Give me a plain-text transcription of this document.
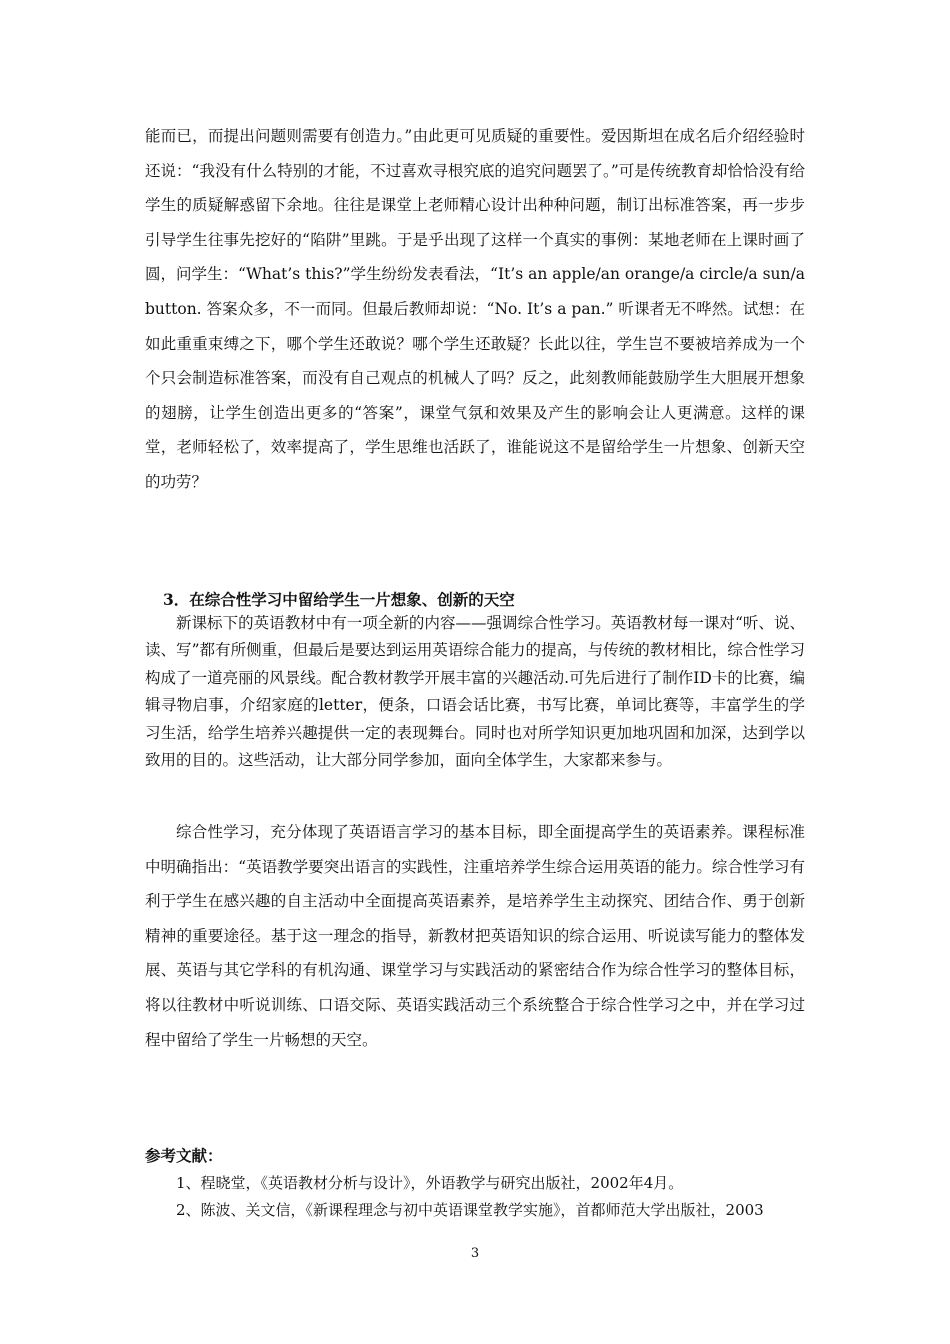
能而已，而提出问题则需要有创造力。”由此更可见质疑的重要性。爱因斯坦在成名后介绍经验时还说：“我没有什么特别的才能，不过喜欢寻根究底的追究问题罢了。”可是传统教育却恰恰没有给学生的质疑解惑留下余地。往往是课堂上老师精心设计出种种问题，制订出标准答案，再一步步引导学生往事先挖好的“陷阱”里跳。于是乎出现了这样一个真实的事例：某地老师在上课时画了圆，问学生：“What’s this?”学生纷纷发表看法，“It’s an apple/an orange/a circle/a sun/a button. 答案众多，不一而同。但最后教师却说：“No. It’s a pan.” 听课者无不哗然。试想：在如此重重束缚之下，哪个学生还敢说？哪个学生还敢疑？长此以往，学生岂不要被培养成为一个个只会制造标准答案，而没有自己观点的机械人了吗？反之，此刻教师能鼓励学生大胆展开想象的翅膀，让学生创造出更多的“答案”，课堂气氛和效果及产生的影响会让人更满意。这样的课堂，老师轻松了，效率提高了，学生思维也活跃了，谁能说这不是留给学生一片想象、创新天空的功劳？

3．在综合性学习中留给学生一片想象、创新的天空

新课标下的英语教材中有一项全新的内容——强调综合性学习。英语教材每一课对“听、说、读、写”都有所侧重，但最后是要达到运用英语综合能力的提高，与传统的教材相比，综合性学习构成了一道亮丽的风景线。配合教材教学开展丰富的兴趣活动.可先后进行了制作ID卡的比赛，编辑寻物启事，介绍家庭的letter，便条，口语会话比赛，书写比赛，单词比赛等，丰富学生的学习生活，给学生培养兴趣提供一定的表现舞台。同时也对所学知识更加地巩固和加深，达到学以致用的目的。这些活动，让大部分同学参加，面向全体学生，大家都来参与。

综合性学习，充分体现了英语语言学习的基本目标，即全面提高学生的英语素养。课程标准中明确指出：“英语教学要突出语言的实践性，注重培养学生综合运用英语的能力。综合性学习有利于学生在感兴趣的自主活动中全面提高英语素养，是培养学生主动探究、团结合作、勇于创新精神的重要途径。基于这一理念的指导，新教材把英语知识的综合运用、听说读写能力的整体发展、英语与其它学科的有机沟通、课堂学习与实践活动的紧密结合作为综合性学习的整体目标，将以往教材中听说训练、口语交际、英语实践活动三个系统整合于综合性学习之中，并在学习过程中留给了学生一片畅想的天空。

参考文献：

1、程晓堂，《英语教材分析与设计》，外语教学与研究出版社，2002年4月。

2、陈波、关文信，《新课程理念与初中英语课堂教学实施》，首都师范大学出版社，2003

3
